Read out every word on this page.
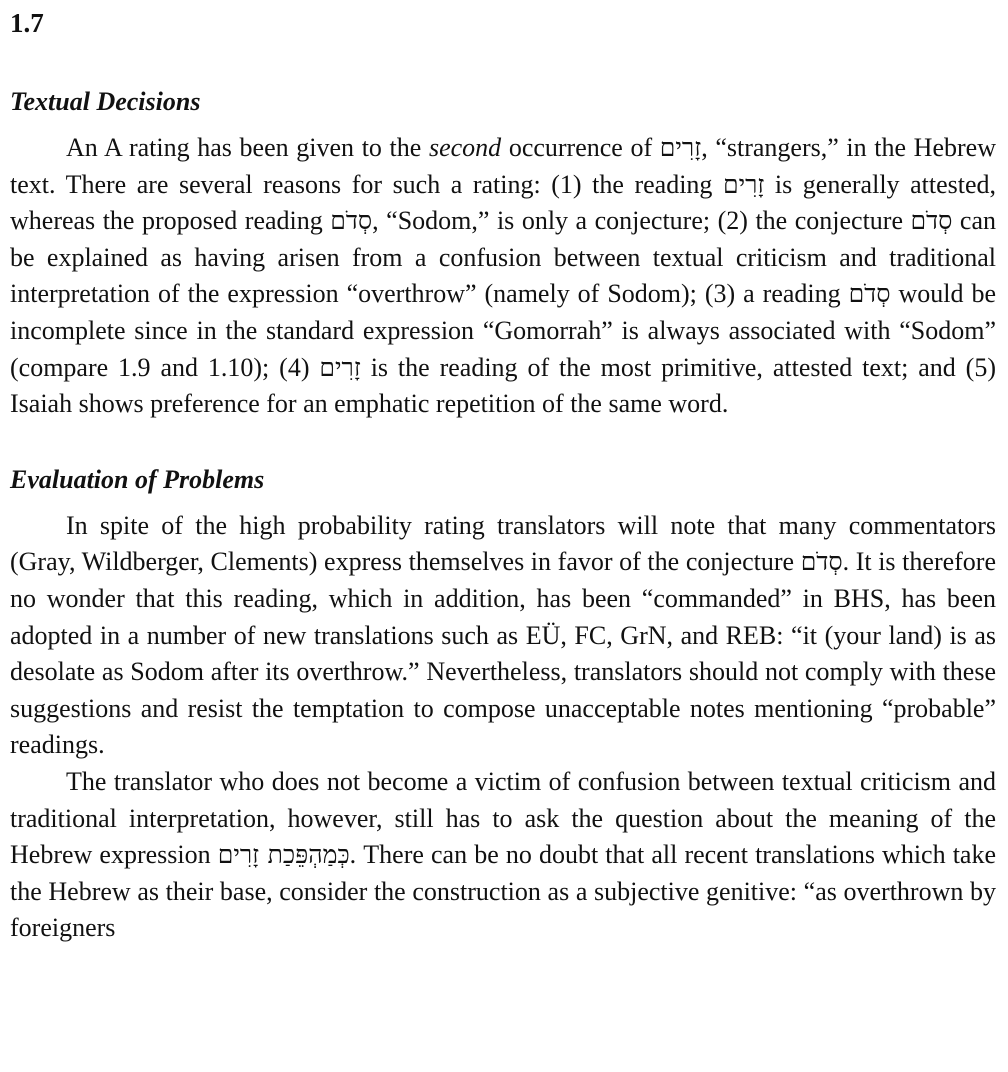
1.7
Textual Decisions

An A rating has been given to the second occurrence of זָרִים, “strangers,” in the Hebrew text. There are several reasons for such a rating: (1) the reading זָרִים is generally attested, whereas the proposed reading סְדֹם, “Sodom,” is only a conjecture; (2) the conjecture סְדֹם can be explained as having arisen from a confusion between textual criticism and traditional interpretation of the expression “overthrow” (namely of Sodom); (3) a reading סְדֹם would be incomplete since in the standard expression “Gomorrah” is always associated with “Sodom” (compare 1.9 and 1.10); (4) זָרִים is the reading of the most primitive, attested text; and (5) Isaiah shows preference for an emphatic repetition of the same word.

Evaluation of Problems

In spite of the high probability rating translators will note that many commentators (Gray, Wildberger, Clements) express themselves in favor of the conjecture סְדֹם. It is therefore no wonder that this reading, which in addition, has been “commanded” in BHS, has been adopted in a number of new translations such as EÜ, FC, GrN, and REB: “it (your land) is as desolate as Sodom after its overthrow.” Nevertheless, translators should not comply with these suggestions and resist the temptation to compose unacceptable notes mentioning “probable” readings.

The translator who does not become a victim of confusion between textual criticism and traditional interpretation, however, still has to ask the question about the meaning of the Hebrew expression כְּמַהְפֵּכַת זָרִים. There can be no doubt that all recent translations which take the Hebrew as their base, consider the construction as a subjective genitive: “as overthrown by foreigners
